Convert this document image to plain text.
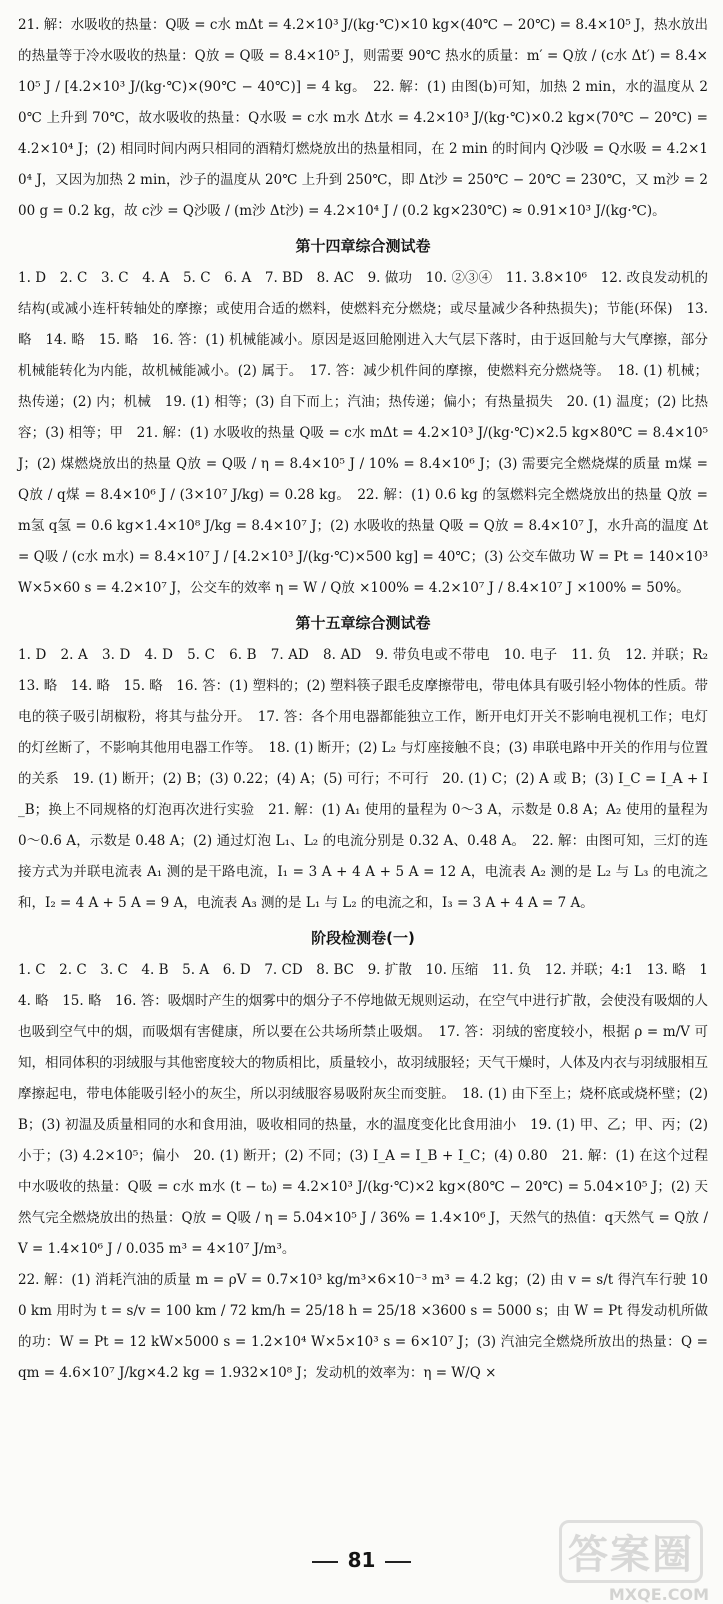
21. 解：水吸收的热量：Q吸 = c水 mΔt = 4.2×10³ J/(kg·℃)×10 kg×(40℃ − 20℃) = 8.4×10⁵ J，热水放出的热量等于冷水吸收的热量：Q放 = Q吸 = 8.4×10⁵ J，则需要 90℃ 热水的质量：m′ = Q放 / (c水 Δt′) = 8.4×10⁵ J / [4.2×10³ J/(kg·℃)×(90℃ − 40℃)] = 4 kg。　22. 解：(1) 由图(b)可知，加热 2 min，水的温度从 20℃ 上升到 70℃，故水吸收的热量：Q水吸 = c水 m水 Δt水 = 4.2×10³ J/(kg·℃)×0.2 kg×(70℃ − 20℃) = 4.2×10⁴ J；(2) 相同时间内两只相同的酒精灯燃烧放出的热量相同，在 2 min 的时间内 Q沙吸 = Q水吸 = 4.2×10⁴ J，又因为加热 2 min，沙子的温度从 20℃ 上升到 250℃，即 Δt沙 = 250℃ − 20℃ = 230℃，又 m沙 = 200 g = 0.2 kg，故 c沙 = Q沙吸 / (m沙 Δt沙) = 4.2×10⁴ J / (0.2 kg×230℃) ≈ 0.91×10³ J/(kg·℃)。

第十四章综合测试卷

1. D　2. C　3. C　4. A　5. C　6. A　7. BD　8. AC　9. 做功　10. ②③④　11. 3.8×10⁶　12. 改良发动机的结构(或减小连杆转轴处的摩擦；或使用合适的燃料，使燃料充分燃烧；或尽量减少各种热损失)；节能(环保)　13. 略　14. 略　15. 略　16. 答：(1) 机械能减小。原因是返回舱刚进入大气层下落时，由于返回舱与大气摩擦，部分机械能转化为内能，故机械能减小。(2) 属于。　17. 答：减少机件间的摩擦，使燃料充分燃烧等。　18. (1) 机械；热传递；(2) 内；机械　19. (1) 相等；(3) 自下而上；汽油；热传递；偏小；有热量损失　20. (1) 温度；(2) 比热容；(3) 相等；甲　21. 解：(1) 水吸收的热量 Q吸 = c水 mΔt = 4.2×10³ J/(kg·℃)×2.5 kg×80℃ = 8.4×10⁵ J；(2) 煤燃烧放出的热量 Q放 = Q吸 / η = 8.4×10⁵ J / 10% = 8.4×10⁶ J；(3) 需要完全燃烧煤的质量 m煤 = Q放 / q煤 = 8.4×10⁶ J / (3×10⁷ J/kg) = 0.28 kg。　22. 解：(1) 0.6 kg 的氢燃料完全燃烧放出的热量 Q放 = m氢 q氢 = 0.6 kg×1.4×10⁸ J/kg = 8.4×10⁷ J；(2) 水吸收的热量 Q吸 = Q放 = 8.4×10⁷ J，水升高的温度 Δt = Q吸 / (c水 m水) = 8.4×10⁷ J / [4.2×10³ J/(kg·℃)×500 kg] = 40℃；(3) 公交车做功 W = Pt = 140×10³ W×5×60 s = 4.2×10⁷ J，公交车的效率 η = W / Q放 ×100% = 4.2×10⁷ J / 8.4×10⁷ J ×100% = 50%。

第十五章综合测试卷

1. D　2. A　3. D　4. D　5. C　6. B　7. AD　8. AD　9. 带负电或不带电　10. 电子　11. 负　12. 并联；R₂　13. 略　14. 略　15. 略　16. 答：(1) 塑料的；(2) 塑料筷子跟毛皮摩擦带电，带电体具有吸引轻小物体的性质。带电的筷子吸引胡椒粉，将其与盐分开。　17. 答：各个用电器都能独立工作，断开电灯开关不影响电视机工作；电灯的灯丝断了，不影响其他用电器工作等。　18. (1) 断开；(2) L₂ 与灯座接触不良；(3) 串联电路中开关的作用与位置的关系　19. (1) 断开；(2) B；(3) 0.22；(4) A；(5) 可行；不可行　20. (1) C；(2) A 或 B；(3) I_C = I_A + I_B；换上不同规格的灯泡再次进行实验　21. 解：(1) A₁ 使用的量程为 0～3 A，示数是 0.8 A；A₂ 使用的量程为 0～0.6 A，示数是 0.48 A；(2) 通过灯泡 L₁、L₂ 的电流分别是 0.32 A、0.48 A。　22. 解：由图可知，三灯的连接方式为并联电流表 A₁ 测的是干路电流，I₁ = 3 A + 4 A + 5 A = 12 A，电流表 A₂ 测的是 L₂ 与 L₃ 的电流之和，I₂ = 4 A + 5 A = 9 A，电流表 A₃ 测的是 L₁ 与 L₂ 的电流之和，I₃ = 3 A + 4 A = 7 A。

阶段检测卷(一)

1. C　2. C　3. C　4. B　5. A　6. D　7. CD　8. BC　9. 扩散　10. 压缩　11. 负　12. 并联；4:1　13. 略　14. 略　15. 略　16. 答：吸烟时产生的烟雾中的烟分子不停地做无规则运动，在空气中进行扩散，会使没有吸烟的人也吸到空气中的烟，而吸烟有害健康，所以要在公共场所禁止吸烟。　17. 答：羽绒的密度较小，根据 ρ = m/V 可知，相同体积的羽绒服与其他密度较大的物质相比，质量较小，故羽绒服轻；天气干燥时，人体及内衣与羽绒服相互摩擦起电，带电体能吸引轻小的灰尘，所以羽绒服容易吸附灰尘而变脏。　18. (1) 由下至上；烧杯底或烧杯壁；(2) B；(3) 初温及质量相同的水和食用油，吸收相同的热量，水的温度变化比食用油小　19. (1) 甲、乙；甲、丙；(2) 小于；(3) 4.2×10⁵；偏小　20. (1) 断开；(2) 不同；(3) I_A = I_B + I_C；(4) 0.80　21. 解：(1) 在这个过程中水吸收的热量：Q吸 = c水 m水 (t − t₀) = 4.2×10³ J/(kg·℃)×2 kg×(80℃ − 20℃) = 5.04×10⁵ J；(2) 天然气完全燃烧放出的热量：Q放 = Q吸 / η = 5.04×10⁵ J / 36% = 1.4×10⁶ J，天然气的热值：q天然气 = Q放 / V = 1.4×10⁶ J / 0.035 m³ = 4×10⁷ J/m³。

22. 解：(1) 消耗汽油的质量 m = ρV = 0.7×10³ kg/m³×6×10⁻³ m³ = 4.2 kg；(2) 由 v = s/t 得汽车行驶 100 km 用时为 t = s/v = 100 km / 72 km/h = 25/18 h = 25/18 ×3600 s = 5000 s；由 W = Pt 得发动机所做的功：W = Pt = 12 kW×5000 s = 1.2×10⁴ W×5×10³ s = 6×10⁷ J；(3) 汽油完全燃烧所放出的热量：Q = qm = 4.6×10⁷ J/kg×4.2 kg = 1.932×10⁸ J；发动机的效率为：η = W/Q ×

81	答案圈
MXQE.COM
